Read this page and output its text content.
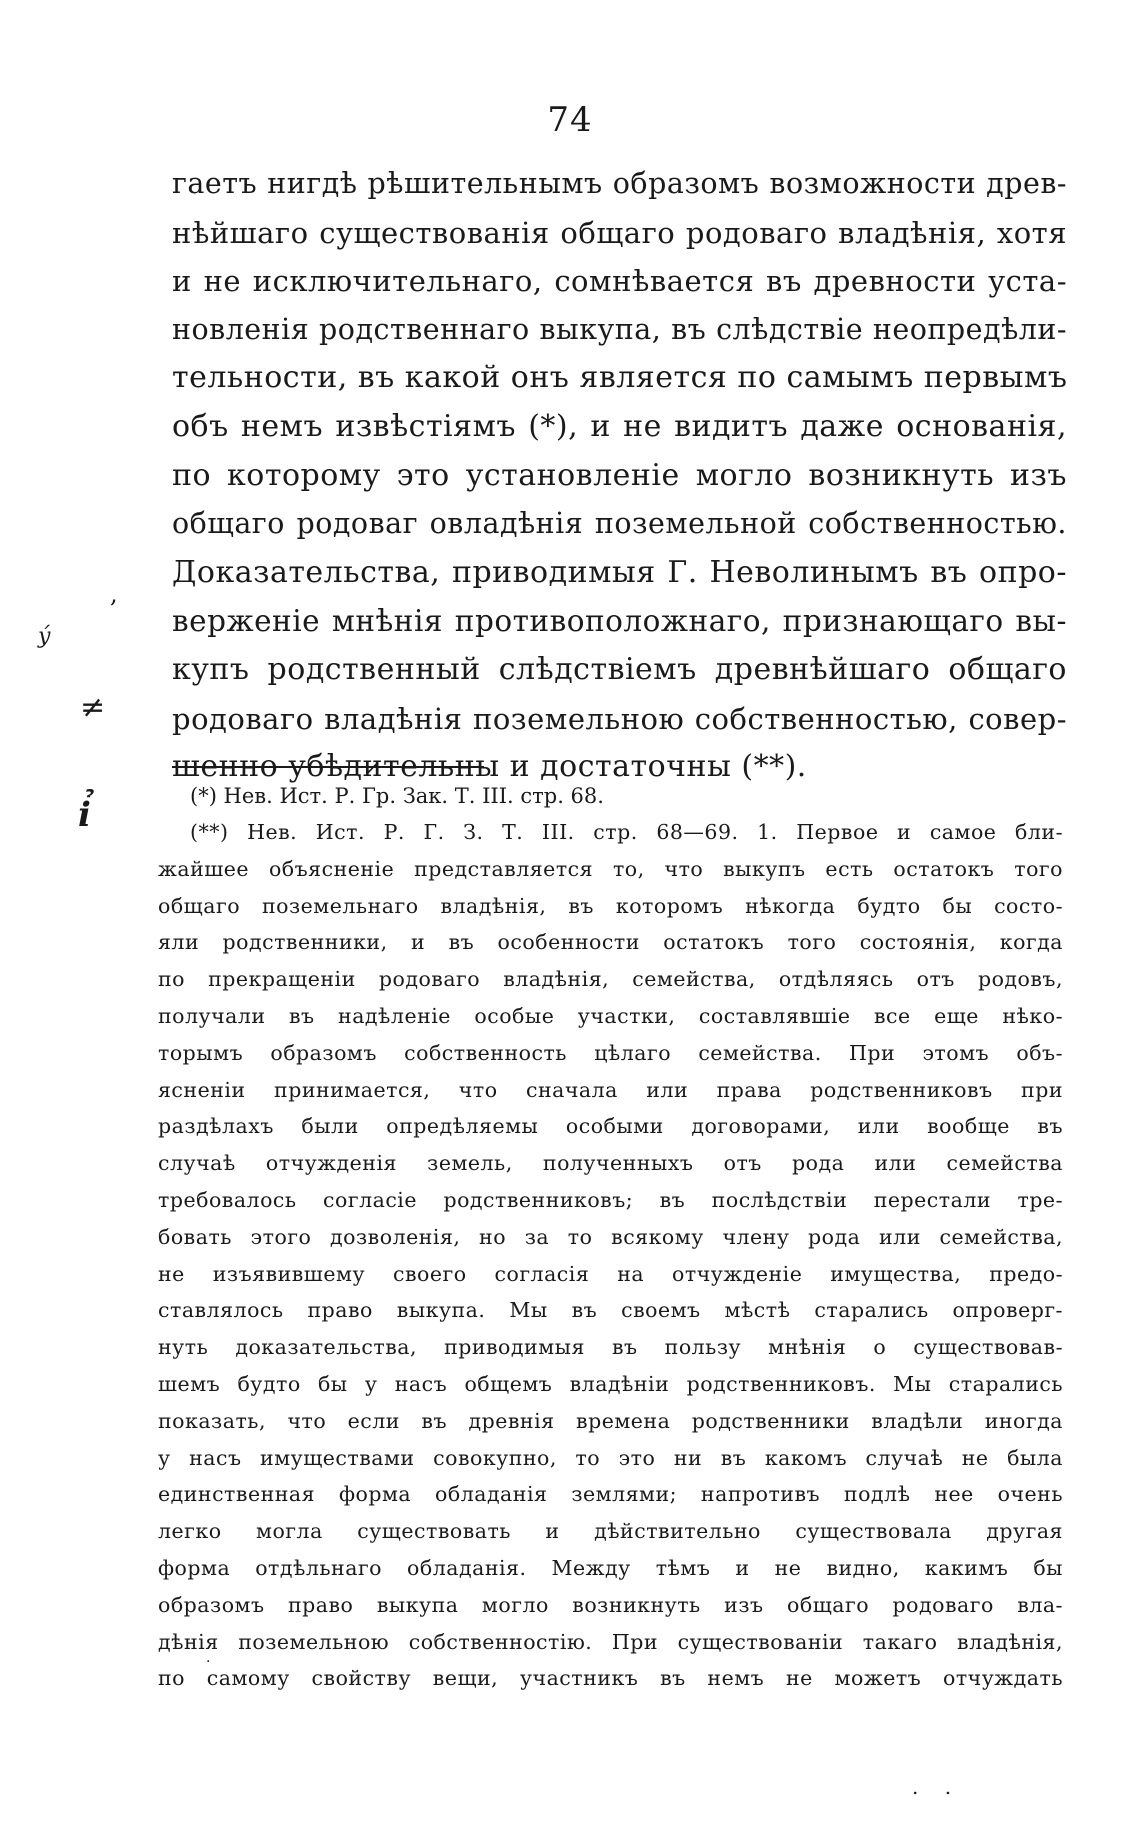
74
гаетъ нигдѣ рѣшительнымъ образомъ возможности древ-
нѣйшаго существованія общаго родоваго владѣнія, хотя
и не исключительнаго, сомнѣвается въ древности уста-
новленія родственнаго выкупа, въ слѣдствіе неопредѣли-
тельности, въ какой онъ является по самымъ первымъ
объ немъ извѣстіямъ (*), и не видитъ даже основанія,
по которому это установленіе могло возникнуть изъ
общаго родоваг овладѣнія поземельной собственностью.
Доказательства, приводимыя Г. Неволинымъ въ опро-
верженіе мнѣнія противоположнаго, признающаго вы-
купъ родственный слѣдствіемъ древнѣйшаго общаго
родоваго владѣнія поземельною собственностью, совер-
шенно убѣдительны и достаточны (**).
(*) Нев. Ист. Р. Гр. Зак. Т. III. стр. 68.
(**) Нев. Ист. Р. Г. З. Т. III. стр. 68—69. 1. Первое и самое бли-
жайшее объясненіе представляется то, что выкупъ есть остатокъ того
общаго поземельнаго владѣнія, въ которомъ нѣкогда будто бы состо-
яли родственники, и въ особенности остатокъ того состоянія, когда
по прекращеніи родоваго владѣнія, семейства, отдѣляясь отъ родовъ,
получали въ надѣленіе особые участки, составлявшіе все еще нѣко-
торымъ образомъ собственность цѣлаго семейства. При этомъ объ-
ясненіи принимается, что сначала или права родственниковъ при
раздѣлахъ были опредѣляемы особыми договорами, или вообще въ
случаѣ отчужденія земель, полученныхъ отъ рода или семейства
требовалось согласіе родственниковъ; въ послѣдствіи перестали тре-
бовать этого дозволенія, но за то всякому члену рода или семейства,
не изъявившему своего согласія на отчужденіе имущества, предо-
ставлялось право выкупа. Мы въ своемъ мѣстѣ старались опроверг-
нуть доказательства, приводимыя въ пользу мнѣнія о существовав-
шемъ будто бы у насъ общемъ владѣніи родственниковъ. Мы старались
показать, что если въ древнія времена родственники владѣли иногда
у насъ имуществами совокупно, то это ни въ какомъ случаѣ не была
единственная форма обладанія землями; напротивъ подлѣ нее очень
легко могла существовать и дѣйствительно существовала другая
форма отдѣльнаго обладанія. Между тѣмъ и не видно, какимъ бы
образомъ право выкупа могло возникнуть изъ общаго родоваго вла-
дѣнія поземельною собственностію. При существованіи такаго владѣнія,
по самому свойству вещи, участникъ въ немъ не можетъ отчуждать
,
ý
≠
ỉ
.
. .
